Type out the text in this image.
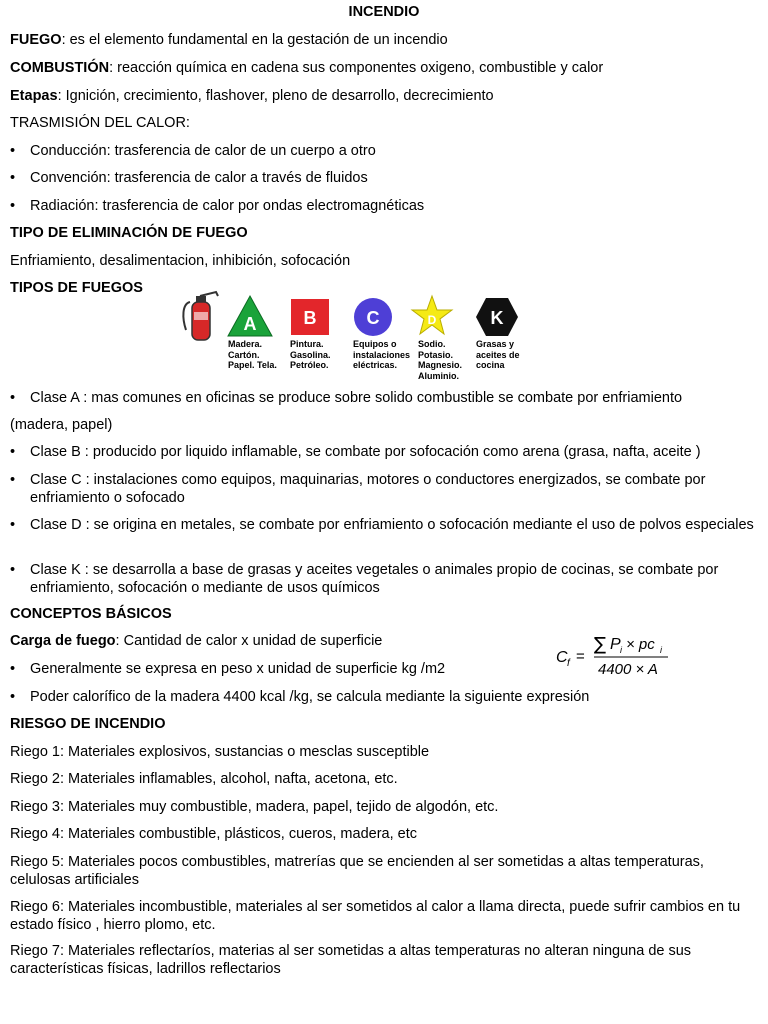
INCENDIO
FUEGO: es el elemento fundamental en la gestación de un incendio
COMBUSTIÓN: reacción química en cadena sus componentes oxigeno, combustible y calor
Etapas: Ignición, crecimiento, flashover, pleno de desarrollo, decrecimiento
TRASMISIÓN DEL CALOR:
• Conducción: trasferencia de calor de un cuerpo a otro
• Convención: trasferencia de calor a través de fluidos
• Radiación: trasferencia de calor por ondas electromagnéticas
TIPO DE ELIMINACIÓN DE FUEGO
Enfriamiento, desalimentacion, inhibición, sofocación
TIPOS DE FUEGOS
A
Madera. Cartón. Papel. Tela.
B
Pintura. Gasolina. Petróleo.
C
Equipos o instalaciones eléctricas.
D
Sodio. Potasio. Magnesio. Aluminio.
K
Grasas y aceites de cocina
• Clase A : mas comunes en oficinas se produce sobre solido combustible se combate por enfriamiento
(madera, papel)
• Clase B : producido por liquido inflamable, se combate por sofocación como arena (grasa, nafta, aceite )
• Clase C : instalaciones como equipos, maquinarias, motores o conductores energizados, se combate por enfriamiento o sofocado
• Clase D : se origina en metales, se combate por enfriamiento o sofocación mediante el uso de polvos especiales
• Clase K : se desarrolla a base de grasas y aceites vegetales o animales propio de cocinas, se combate por enfriamiento, sofocación o mediante de usos químicos
CONCEPTOS BÁSICOS
Carga de fuego: Cantidad de calor x unidad de superficie
• Generalmente se expresa en peso x unidad de superficie kg /m2
• Poder calorífico de la madera 4400 kcal /kg, se calcula mediante la siguiente expresión
C f =
∑ P i × pc i
4400 × A
RIESGO DE INCENDIO
Riego 1: Materiales explosivos, sustancias o mesclas susceptible
Riego 2: Materiales inflamables, alcohol, nafta, acetona, etc.
Riego 3: Materiales muy combustible, madera, papel, tejido de algodón, etc.
Riego 4: Materiales combustible, plásticos, cueros, madera, etc
Riego 5: Materiales pocos combustibles, matrerías que se encienden al ser sometidas a altas temperaturas, celulosas artificiales
Riego 6: Materiales incombustible, materiales al ser sometidos al calor a llama directa, puede sufrir cambios en tu estado físico , hierro plomo, etc.
Riego 7: Materiales reflectaríos, materias al ser sometidas a altas temperaturas no alteran ninguna de sus características físicas, ladrillos reflectarios
